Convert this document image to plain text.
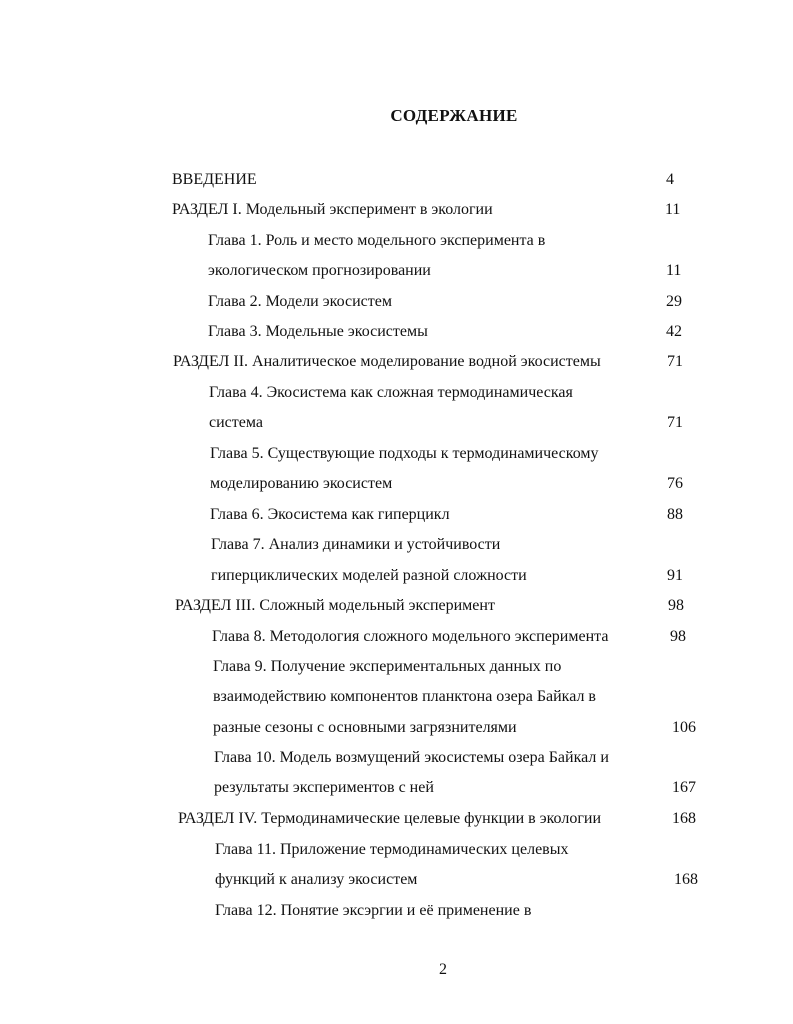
СОДЕРЖАНИЕ
ВВЕДЕНИЕ	4
РАЗДЕЛ I. Модельный эксперимент в экологии	11
Глава 1. Роль и место модельного эксперимента в
экологическом прогнозировании	11
Глава 2. Модели экосистем	29
Глава 3. Модельные экосистемы	42
РАЗДЕЛ II. Аналитическое моделирование водной экосистемы	71
Глава 4. Экосистема как сложная термодинамическая
система	71
Глава 5. Существующие подходы к термодинамическому
моделированию экосистем	76
Глава 6. Экосистема как гиперцикл	88
Глава 7. Анализ динамики и устойчивости
гиперциклических моделей разной сложности	91
РАЗДЕЛ III. Сложный модельный эксперимент	98
Глава 8. Методология сложного модельного эксперимента	98
Глава 9. Получение экспериментальных данных по
взаимодействию компонентов планктона озера Байкал в
разные сезоны с основными загрязнителями	106
Глава 10. Модель возмущений экосистемы озера Байкал и
результаты экспериментов с ней	167
РАЗДЕЛ IV. Термодинамические целевые функции в экологии	168
Глава 11. Приложение термодинамических целевых
функций к анализу экосистем	168
Глава 12. Понятие эксэргии и её применение в
2
